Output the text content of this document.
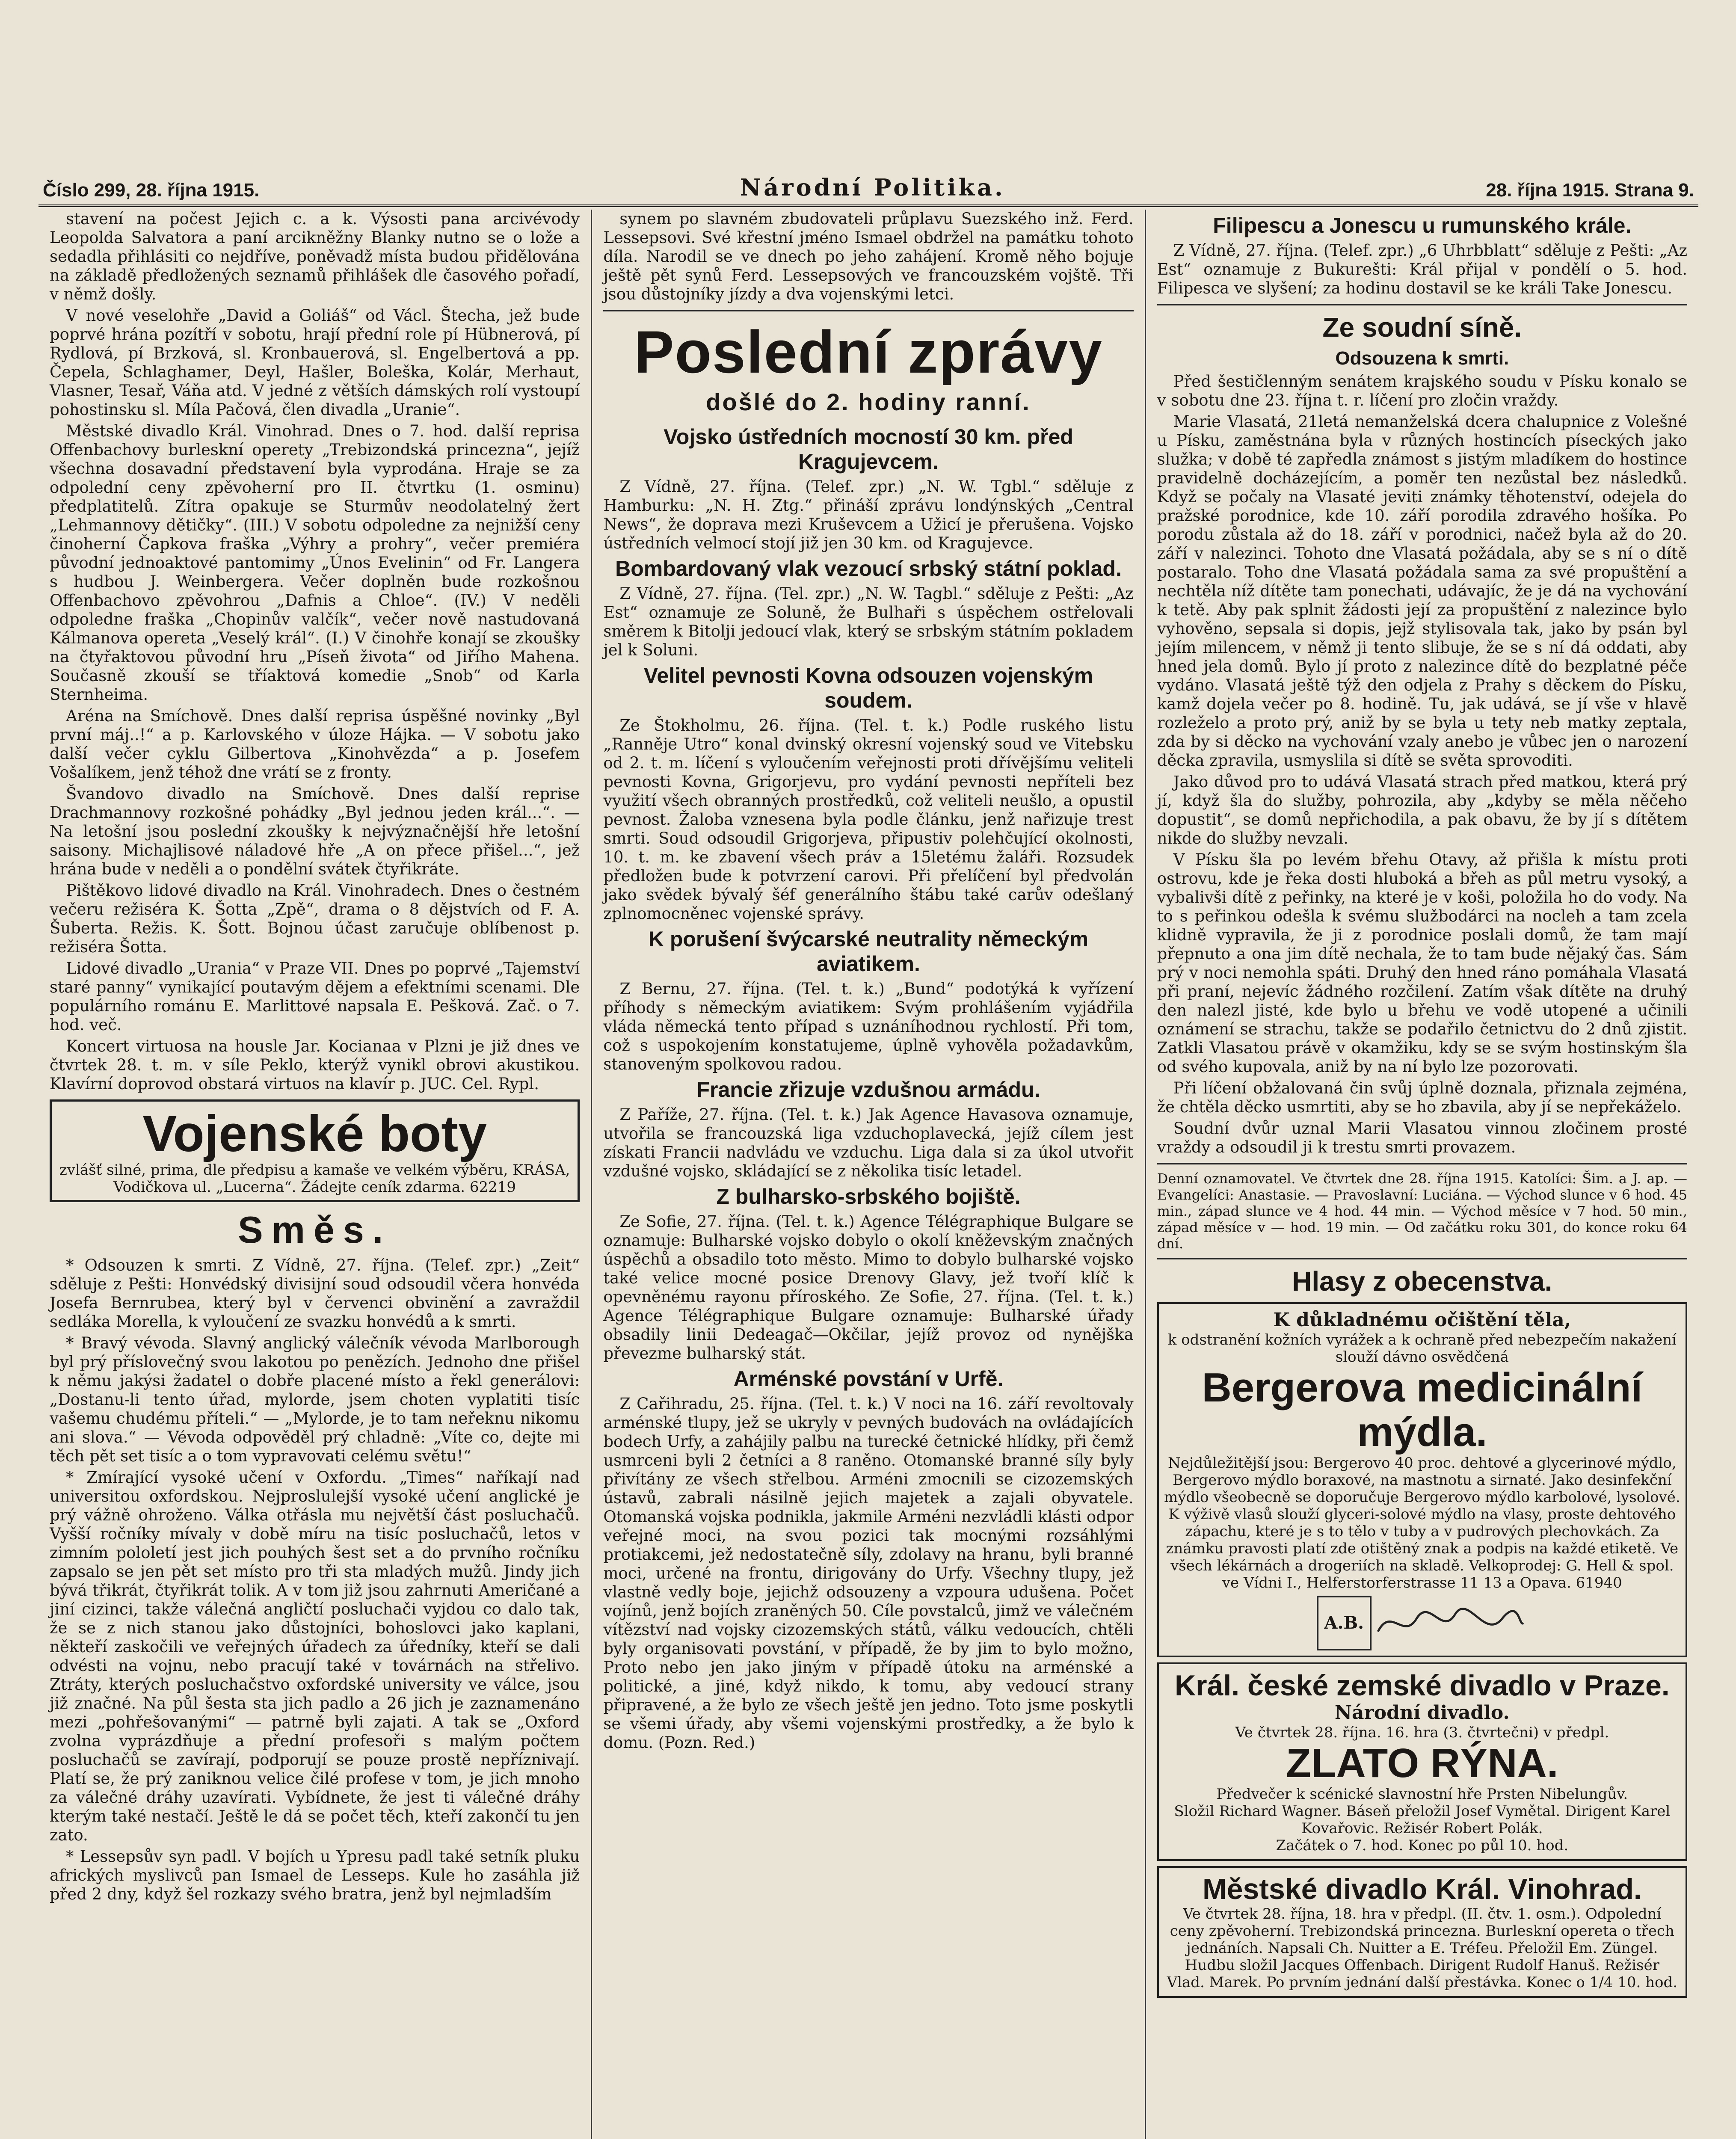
Číslo 299, 28. října 1915.	Národní Politika.	28. října 1915. Strana 9.

stavení na počest Jejich c. a k. Výsosti pana arcivévody Leopolda Salvatora a paní arcikněžny Blanky nutno se o lože a sedadla přihlásiti co nejdříve, poněvadž místa budou přidělována na základě předložených seznamů přihlášek dle časového pořadí, v němž došly.

V nové veselohře „David a Goliáš“ od Václ. Štecha, jež bude poprvé hrána pozítří v sobotu, hrají přední role pí Hübnerová, pí Rydlová, pí Brzková, sl. Kronbauerová, sl. Engelbertová a pp. Čepela, Schlaghamer, Deyl, Hašler, Boleška, Kolár, Merhaut, Vlasner, Tesař, Váňa atd. V jedné z větších dámských rolí vystoupí pohostinsku sl. Míla Pačová, člen divadla „Uranie“.

Městské divadlo Král. Vinohrad. Dnes o 7. hod. další reprisa Offenbachovy burleskní operety „Trebizondská princezna“, jejíž všechna dosavadní představení byla vyprodána. Hraje se za odpolední ceny zpěvoherní pro II. čtvrtku (1. osminu) předplatitelů. Zítra opakuje se Sturmův neodolatelný žert „Lehmannovy dětičky“. (III.) V sobotu odpoledne za nejnižší ceny činoherní Čapkova fraška „Výhry a prohry“, večer premiéra původní jednoaktové pantomimy „Únos Evelinin“ od Fr. Langera s hudbou J. Weinbergera. Večer doplněn bude rozkošnou Offenbachovo zpěvohrou „Dafnis a Chloe“. (IV.) V neděli odpoledne fraška „Chopinův valčík“, večer nově nastudovaná Kálmanova opereta „Veselý král“. (I.) V činohře konají se zkoušky na čtyřaktovou původní hru „Píseň života“ od Jiřího Mahena. Současně zkouší se tříaktová komedie „Snob“ od Karla Sternheima.

Aréna na Smíchově. Dnes další reprisa úspěšné novinky „Byl první máj..!“ a p. Karlovského v úloze Hájka. — V sobotu jako další večer cyklu Gilbertova „Kinohvězda“ a p. Josefem Vošalíkem, jenž téhož dne vrátí se z fronty.

Švandovo divadlo na Smíchově. Dnes další reprise Drachmannovy rozkošné pohádky „Byl jednou jeden král...“. — Na letošní jsou poslední zkoušky k nejvýznačnější hře letošní saisony. Michajlisové náladové hře „A on přece přišel...“, jež hrána bude v neděli a o pondělní svátek čtyřikráte.

Pištěkovo lidové divadlo na Král. Vinohradech. Dnes o čestném večeru režiséra K. Šotta „Zpě“, drama o 8 dějstvích od F. A. Šuberta. Režis. K. Šott. Bojnou účast zaručuje oblíbenost p. režiséra Šotta.

Lidové divadlo „Urania“ v Praze VII. Dnes po poprvé „Tajemství staré panny“ vynikající poutavým dějem a efektními scenami. Dle populárního románu E. Marlittové napsala E. Pešková. Zač. o 7. hod. več.

Koncert virtuosa na housle Jar. Kocianaa v Plzni je již dnes ve čtvrtek 28. t. m. v síle Peklo, kterýž vynikl obrovi akustikou. Klavírní doprovod obstará virtuos na klavír p. JUC. Cel. Rypl.

Vojenské boty
zvlášť silné, prima, dle předpisu a kamaše ve velkém výběru, KRÁSA, Vodičkova ul. „Lucerna“. Žádejte ceník zdarma. 62219
Směs.

* Odsouzen k smrti. Z Vídně, 27. října. (Telef. zpr.) „Zeit“ sděluje z Pešti: Honvédský divisijní soud odsoudil včera honvéda Josefa Bernrubea, který byl v červenci obvinění a zavraždil sedláka Morella, k vyloučení ze svazku honvédů a k smrti.

* Bravý vévoda. Slavný anglický válečník vévoda Marlborough byl prý příslovečný svou lakotou po penězích. Jednoho dne přišel k němu jakýsi žadatel o dobře placené místo a řekl generálovi: „Dostanu-li tento úřad, mylorde, jsem choten vyplatiti tisíc vašemu chudému příteli.“ — „Mylorde, je to tam neřeknu nikomu ani slova.“ — Vévoda odpověděl prý chladně: „Víte co, dejte mi těch pět set tisíc a o tom vypravovati celému světu!“

* Zmírající vysoké učení v Oxfordu. „Times“ naříkají nad universitou oxfordskou. Nejproslulejší vysoké učení anglické je prý vážně ohroženo. Válka otřásla mu největší část posluchačů. Vyšší ročníky mívaly v době míru na tisíc posluchačů, letos v zimním pololetí jest jich pouhých šest set a do prvního ročníku zapsalo se jen pět set místo pro tři sta mladých mužů. Jindy jich bývá třikrát, čtyřikrát tolik. A v tom již jsou zahrnuti Američané a jiní cizinci, takže válečná angličtí posluchači vyjdou co dalo tak, že se z nich stanou jako důstojníci, bohoslovci jako kaplani, někteří zaskočili ve veřejných úřadech za úředníky, kteří se dali odvésti na vojnu, nebo pracují také v továrnách na střelivo. Ztráty, kterých posluchačstvo oxfordské university ve válce, jsou již značné. Na půl šesta sta jich padlo a 26 jich je zaznamenáno mezi „pohřešovanými“ — patrně byli zajati. A tak se „Oxford zvolna vyprázdňuje a přední profesoři s malým počtem posluchačů se zavírají, podporují se pouze prostě nepříznivají. Platí se, že prý zaniknou velice čilé profese v tom, je jich mnoho za válečné dráhy uzavírati. Vybídnete, že jest ti válečné dráhy kterým také nestačí. Ještě le dá se počet těch, kteří zakončí tu jen zato.

* Lessepsův syn padl. V bojích u Ypresu padl také setník pluku afrických myslivců pan Ismael de Lesseps. Kule ho zasáhla již před 2 dny, když šel rozkazy svého bratra, jenž byl nejmladším

synem po slavném zbudovateli průplavu Suezského inž. Ferd. Lessepsovi. Své křestní jméno Ismael obdržel na památku tohoto díla. Narodil se ve dnech po jeho zahájení. Kromě něho bojuje ještě pět synů Ferd. Lessepsových ve francouzském vojště. Tři jsou důstojníky jízdy a dva vojenskými letci.

Poslední zprávy
došlé do 2. hodiny ranní.
Vojsko ústředních mocností 30 km. před Kragujevcem.

Z Vídně, 27. října. (Telef. zpr.) „N. W. Tgbl.“ sděluje z Hamburku: „N. H. Ztg.“ přináší zprávu londýnských „Central News“, že doprava mezi Kruševcem a Užicí je přerušena. Vojsko ústředních velmocí stojí již jen 30 km. od Kragujevce.

Bombardovaný vlak vezoucí srbský státní poklad.

Z Vídně, 27. října. (Tel. zpr.) „N. W. Tagbl.“ sděluje z Pešti: „Az Est“ oznamuje ze Soluně, že Bulhaři s úspěchem ostřelovali směrem k Bitolji jedoucí vlak, který se srbským státním pokladem jel k Soluni.

Velitel pevnosti Kovna odsouzen vojenským soudem.

Ze Štokholmu, 26. října. (Tel. t. k.) Podle ruského listu „Ranněje Utro“ konal dvinský okresní vojenský soud ve Vitebsku od 2. t. m. líčení s vyloučením veřejnosti proti dřívějšímu veliteli pevnosti Kovna, Grigorjevu, pro vydání pevnosti nepříteli bez využití všech obranných prostředků, což veliteli neušlo, a opustil pevnost. Žaloba vznesena byla podle článku, jenž nařizuje trest smrti. Soud odsoudil Grigorjeva, připustiv polehčující okolnosti, 10. t. m. ke zbavení všech práv a 15letému žaláři. Rozsudek předložen bude k potvrzení carovi. Při přelíčení byl předvolán jako svědek bývalý šéf generálního štábu také carův odešlaný zplnomocněnec vojenské správy.

K porušení švýcarské neutrality německým aviatikem.

Z Bernu, 27. října. (Tel. t. k.) „Bund“ podotýká k vyřízení příhody s německým aviatikem: Svým prohlášením vyjádřila vláda německá tento případ s uznáníhodnou rychlostí. Při tom, což s uspokojením konstatujeme, úplně vyhověla požadavkům, stanoveným spolkovou radou.

Francie zřizuje vzdušnou armádu.

Z Paříže, 27. října. (Tel. t. k.) Jak Agence Havasova oznamuje, utvořila se francouzská liga vzduchoplavecká, jejíž cílem jest získati Francii nadvládu ve vzduchu. Liga dala si za úkol utvořit vzdušné vojsko, skládající se z několika tisíc letadel.

Z bulharsko-srbského bojiště.

Ze Sofie, 27. října. (Tel. t. k.) Agence Télégraphique Bulgare se oznamuje: Bulharské vojsko dobylo o okolí kněževským značných úspěchů a obsadilo toto město. Mimo to dobylo bulharské vojsko také velice mocné posice Drenovy Glavy, jež tvoří klíč k opevněnému rayonu příroského. Ze Sofie, 27. října. (Tel. t. k.) Agence Télégraphique Bulgare oznamuje: Bulharské úřady obsadily linii Dedeagač—Okčilar, jejíž provoz od nynějška převezme bulharský stát.

Arménské povstání v Urfě.

Z Cařihradu, 25. října. (Tel. t. k.) V noci na 16. září revoltovaly arménské tlupy, jež se ukryly v pevných budovách na ovládajících bodech Urfy, a zahájily palbu na turecké četnické hlídky, při čemž usmrceni byli 2 četníci a 8 raněno. Otomanské branné síly byly přivítány ze všech střelbou. Arméni zmocnili se cizozemských ústavů, zabrali násilně jejich majetek a zajali obyvatele. Otomanská vojska podnikla, jakmile Arméni nezvládli klásti odpor veřejné moci, na svou pozici tak mocnými rozsáhlými protiakcemi, jež nedostatečně síly, zdolavy na hranu, byli branné moci, určené na frontu, dirigovány do Urfy. Všechny tlupy, jež vlastně vedly boje, jejichž odsouzeny a vzpoura udušena. Počet vojínů, jenž bojích zraněných 50. Cíle povstalců, jimž ve válečném vítězství nad vojsky cizozemských států, válku vedoucích, chtěli byly organisovati povstání, v případě, že by jim to bylo možno, Proto nebo jen jako jiným v případě útoku na arménské a politické, a jiné, když nikdo, k tomu, aby vedoucí strany připravené, a že bylo ze všech ještě jen jedno. Toto jsme poskytli se všemi úřady, aby všemi vojenskými prostředky, a že bylo k domu. (Pozn. Red.)

Filipescu a Jonescu u rumunského krále.

Z Vídně, 27. října. (Telef. zpr.) „6 Uhrbblatt“ sděluje z Pešti: „Az Est“ oznamuje z Bukurešti: Král přijal v pondělí o 5. hod. Filipesca ve slyšení; za hodinu dostavil se ke králi Take Jonescu.

Ze soudní síně.
Odsouzena k smrti.

Před šestičlenným senátem krajského soudu v Písku konalo se v sobotu dne 23. října t. r. líčení pro zločin vraždy.

Marie Vlasatá, 21letá nemanželská dcera chalupnice z Volešné u Písku, zaměstnána byla v různých hostincích píseckých jako služka; v době té zapředla známost s jistým mladíkem do hostince pravidelně docházejícím, a poměr ten nezůstal bez následků. Když se počaly na Vlasaté jeviti známky těhotenství, odejela do pražské porodnice, kde 10. září porodila zdravého hošíka. Po porodu zůstala až do 18. září v porodnici, načež byla až do 20. září v nalezinci. Tohoto dne Vlasatá požádala, aby se s ní o dítě postaralo. Toho dne Vlasatá požádala sama za své propuštění a nechtěla níž dítěte tam ponechati, udávajíc, že je dá na vychování k tetě. Aby pak splnit žádosti její za propuštění z nalezince bylo vyhověno, sepsala si dopis, jejž stylisovala tak, jako by psán byl jejím milencem, v němž ji tento slibuje, že se s ní dá oddati, aby hned jela domů. Bylo jí proto z nalezince dítě do bezplatné péče vydáno. Vlasatá ještě týž den odjela z Prahy s děckem do Písku, kamž dojela večer po 8. hodině. Tu, jak udává, se jí vše v hlavě rozleželo a proto prý, aniž by se byla u tety neb matky zeptala, zda by si děcko na vychování vzaly anebo je vůbec jen o narození děcka zpravila, usmyslila si dítě se světa sprovoditi.

Jako důvod pro to udává Vlasatá strach před matkou, která prý jí, když šla do služby, pohrozila, aby „kdyby se měla něčeho dopustit“, se domů nepřichodila, a pak obavu, že by jí s dítětem nikde do služby nevzali.

V Písku šla po levém břehu Otavy, až přišla k místu proti ostrovu, kde je řeka dosti hluboká a břeh as půl metru vysoký, a vybalivši dítě z peřinky, na které je v koši, položila ho do vody. Na to s peřinkou odešla k svému službodárci na nocleh a tam zcela klidně vypravila, že ji z porodnice poslali domů, že tam mají přepnuto a ona jim dítě nechala, že to tam bude nějaký čas. Sám prý v noci nemohla spáti. Druhý den hned ráno pomáhala Vlasatá při praní, nejevíc žádného rozčilení. Zatím však dítěte na druhý den nalezl jisté, kde bylo u břehu ve vodě utopené a učinili oznámení se strachu, takže se podařilo četnictvu do 2 dnů zjistit. Zatkli Vlasatou právě v okamžiku, kdy se se svým hostinským šla od svého kupovala, aniž by na ní bylo lze pozorovati.

Při líčení obžalovaná čin svůj úplně doznala, přiznala zejména, že chtěla děcko usmrtiti, aby se ho zbavila, aby jí se nepřekáželo.

Soudní dvůr uznal Marii Vlasatou vinnou zločinem prosté vraždy a odsoudil ji k trestu smrti provazem.

Denní oznamovatel. Ve čtvrtek dne 28. října 1915. Katolíci: Šim. a J. ap. — Evangelíci: Anastasie. — Pravoslavní: Luciána. — Východ slunce v 6 hod. 45 min., západ slunce ve 4 hod. 44 min. — Východ měsíce v 7 hod. 50 min., západ měsíce v — hod. 19 min. — Od začátku roku 301, do konce roku 64 dní.

Hlasy z obecenstva.
K důkladnému očištění těla,
k odstranění kožních vyrážek a k ochraně před nebezpečím nakažení slouží dávno osvědčená
Bergerova medicinální mýdla.
Nejdůležitější jsou: Bergerovo 40 proc. dehtové a glycerinové mýdlo, Bergerovo mýdlo boraxové, na mastnotu a sirnaté. Jako desinfekční mýdlo všeobecně se doporučuje Bergerovo mýdlo karbolové, lysolové. K výživě vlasů slouží glyceri-solové mýdlo na vlasy, proste dehtového zápachu, které je s to tělo v tuby a v pudrových plechovkách. Za známku pravosti platí zde otištěný znak a podpis na každé etiketě. Ve všech lékárnách a drogeriích na skladě. Velkoprodej: G. Hell & spol. ve Vídni I., Helferstorferstrasse 11 13 a Opava. 61940
A.B.
Král. české zemské divadlo v Praze.
Národní divadlo.
Ve čtvrtek 28. října. 16. hra (3. čtvrtečni) v předpl.
ZLATO RÝNA.
Předvečer k scénické slavnostní hře Prsten Nibelungův.
Složil Richard Wagner. Báseň přeložil Josef Vymětal. Dirigent Karel Kovařovic. Režisér Robert Polák.
Začátek o 7. hod. Konec po půl 10. hod.
Městské divadlo Král. Vinohrad.
Ve čtvrtek 28. října, 18. hra v předpl. (II. čtv. 1. osm.). Odpolední ceny zpěvoherní. Trebizondská princezna. Burleskní opereta o třech jednáních. Napsali Ch. Nuitter a E. Tréfeu. Přeložil Em. Züngel. Hudbu složil Jacques Offenbach. Dirigent Rudolf Hanuš. Režisér Vlad. Marek. Po prvním jednání další přestávka. Konec o 1/4 10. hod.
